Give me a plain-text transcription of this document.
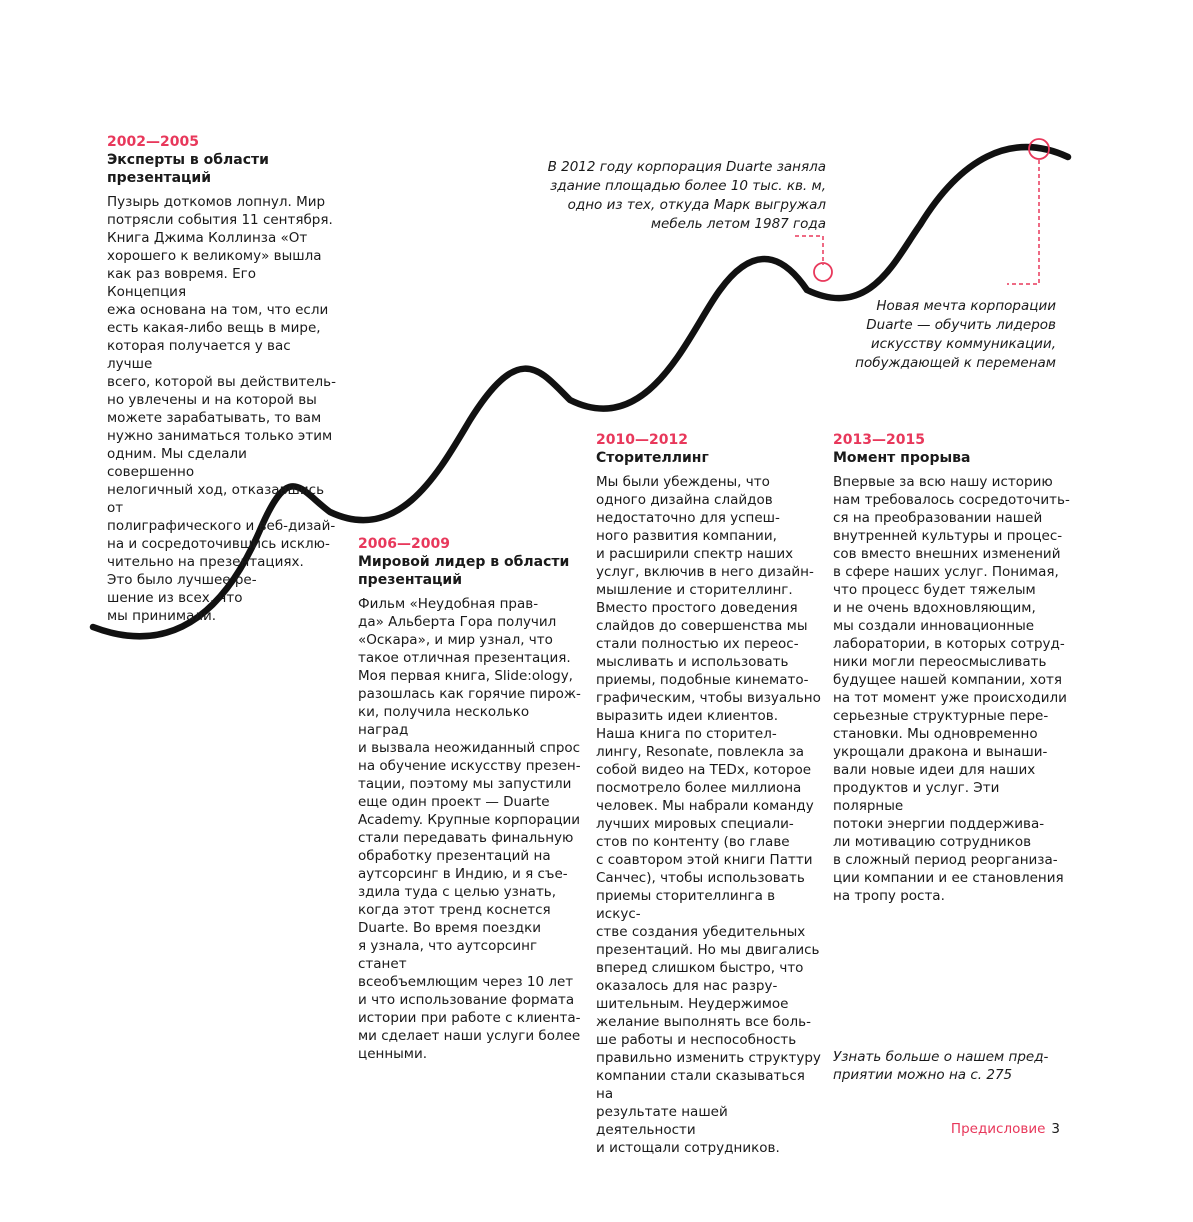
2002—2005
Эксперты в области презентаций

Пузырь доткомов лопнул. Мир

потрясли события 11 сентября.

Книга Джима Коллинза «От

хорошего к великому» вышла

как раз вовремя. Его Концепция

ежа основана на том, что если

есть какая-либо вещь в мире,

которая получается у вас лучше

всего, которой вы действитель-

но увлечены и на которой вы

можете зарабатывать, то вам

нужно заниматься только этим

одним. Мы сделали совершенно

нелогичный ход, отказавшись от

полиграфического и веб-дизай-

на и сосредоточившись исклю-

чительно на презентациях.

Это было лучшее ре-

шение из всех, что

мы принимали.

2006—2009
Мировой лидер в области презентаций

Фильм «Неудобная прав-

да» Альберта Гора получил

«Оскара», и мир узнал, что

такое отличная презентация.

Моя первая книга, Slide:ology,

разошлась как горячие пирож-

ки, получила несколько наград

и вызвала неожиданный спрос

на обучение искусству презен-

тации, поэтому мы запустили

еще один проект — Duarte

Academy. Крупные корпорации

стали передавать финальную

обработку презентаций на

аутсорсинг в Индию, и я съе-

здила туда с целью узнать,

когда этот тренд коснется

Duarte. Во время поездки

я узнала, что аутсорсинг станет

всеобъемлющим через 10 лет

и что использование формата

истории при работе с клиента-

ми сделает наши услуги более

ценными.

2010—2012
Сторителлинг

Мы были убеждены, что

одного дизайна слайдов

недостаточно для успеш-

ного развития компании,

и расширили спектр наших

услуг, включив в него дизайн-

мышление и сторителлинг.

Вместо простого доведения

слайдов до совершенства мы

стали полностью их переос-

мысливать и использовать

приемы, подобные кинемато-

графическим, чтобы визуально

выразить идеи клиентов.

Наша книга по сторител-

лингу, Resonate, повлекла за

собой видео на TEDx, которое

посмотрело более миллиона

человек. Мы набрали команду

лучших мировых специали-

стов по контенту (во главе

с соавтором этой книги Патти

Санчес), чтобы использовать

приемы сторителлинга в искус-

стве создания убедительных

презентаций. Но мы двигались

вперед слишком быстро, что

оказалось для нас разру-

шительным. Неудержимое

желание выполнять все боль-

ше работы и неспособность

правильно изменить структуру

компании стали сказываться на

результате нашей деятельности

и истощали сотрудников.

2013—2015
Момент прорыва

Впервые за всю нашу историю

нам требовалось сосредоточить-

ся на преобразовании нашей

внутренней культуры и процес-

сов вместо внешних изменений

в сфере наших услуг. Понимая,

что процесс будет тяжелым

и не очень вдохновляющим,

мы создали инновационные

лаборатории, в которых сотруд-

ники могли переосмысливать

будущее нашей компании, хотя

на тот момент уже происходили

серьезные структурные пере-

становки. Мы одновременно

укрощали дракона и вынаши-

вали новые идеи для наших

продуктов и услуг. Эти полярные

потоки энергии поддержива-

ли мотивацию сотрудников

в сложный период реорганиза-

ции компании и ее становления

на тропу роста.

В 2012 году корпорация Duarte заняла
здание площадью более 10 тыс. кв. м,
одно из тех, откуда Марк выгружал
мебель летом 1987 года
Новая мечта корпорации
Duarte — обучить лидеров
искусству коммуникации,
побуждающей к переменам
Узнать больше о нашем пред-
приятии можно на с. 275
Предисловие 3
